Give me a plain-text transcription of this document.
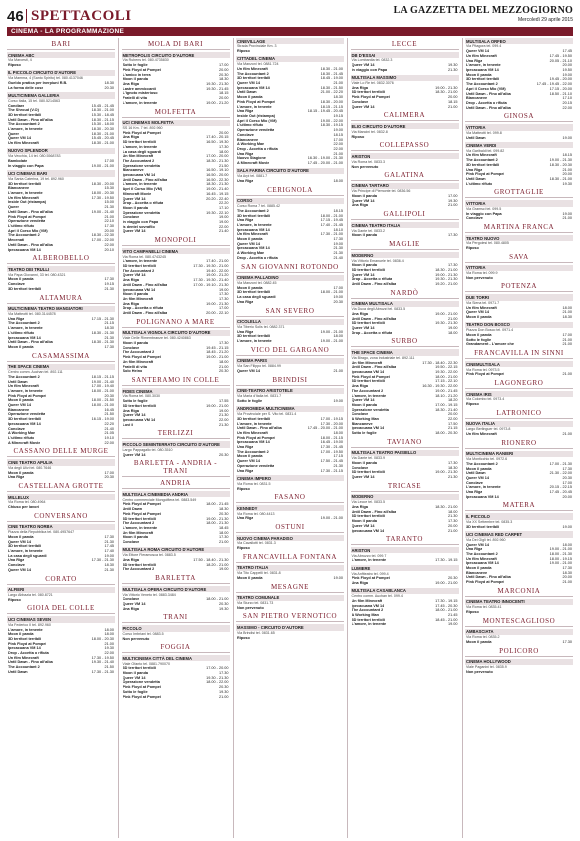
46 SPETTACOLI	LA GAZZETTA DEL MEZZOGIORNO
Mercoledì 29 aprile 2015
CINEMA - LA PROGRAMMAZIONE
BARI
CINEMA ABC
Via Marcesti, 4
Riposo
IL PICCOLO CIRCUITO D'AUTORE
Via Mamma, 4 (Santo Spirito) tel. 080.4137046
Gueldo pratica per Inerpiuni R.B.	18.30
La forma delle cose	20.30
MULTICINEMA GALLERIA
Corso Italia, 15 tel. 080.5214563
Condiare	15.45 - 21.45
The Shroud (V.O)	18.30 - 21.00
3D territori terribili	15.30 - 18.45
Until Dawn - Fino all'alba	18.30 - 21.15
The Accountant 2	15.30 - 18.00
L'amore, in tenente	18.30 - 20.30
Queer	18.30 - 21.00
Queer VM 14	15.45 - 20.45
Un film Minecraft	18.30 - 21.00
NUOVO SPLENDOR
Via Vecchia, 14 tel. 080.5568783
Bambolate	17.00
In viaggio con Papa	19.00 - 21.00
UCI CINEMAS BARI
Via Santa Caterina, 19 tel. 892.960
3D territori terribili	18.30 - 20.00
Biancaneve	15.30
L'amore, in tenente	18.00 - 20.30
Un film Minecraft	17.30 - 19.50
Inside Out (ristampa)	15.00
Queer	21.30
Until Dawn - Fino all'alba	19.00 - 21.40
Pink Floyd at Pompei	21.00
Operazione vendetta	22.10
L'ultimo rifiuto	17.30
Apri il Corso Mio (VM)	20.00
The Accountant 2	18.30 - 22.30
Mecenati	17.00 - 22.00
Until Dawn - Fino all'alba	22.00
Ipecacuana VM 14	20.10
ALBEROBELLO
TEATRO DEI TRULLI
Via Papa Giovanni, 33 tel. 080.4321
Moon il panda	17.30
Conclave	19.15
3D territori terribili	21.30
ALTAMURA
MULTICINEMA TEATRO MANGIATORI
Via Matteotti tel. 080.3144578
Una Riga	17.15 - 21.30
The Accountant 2	21.15
L'amore, in tenente	18.30
L'ultimo rifiuto	18.30 - 21.30
Ipecacuana VM 14	21.30
Until Dawn - Fino all'alba	18.30 - 21.30
Moon il panda	17.30
CASAMASSIMA
THE SPACE CINEMA
Centro comm. Auchan tel. 892.111
The Accountant 2	18.15 - 21.15
Until Dawn	19.00 - 21.40
Un film Minecraft	17.00 - 19.40
L'amore, in tenente	18.00 - 21.00
Pink Floyd at Pompei	20.30
Moon il panda	18.00 - 21.50
Queer VM 14	18.00 - 21.00
Biancaneve	16.45
Operazione vendetta	21.50
3D territori terribili	16.15 - 19.00
Ipecacuana VM 14	22.20
Conclave	21.40
A Working Man	21.05
L'ultimo rifiuto	19.10
A Minecraft Movie	22.00
CASSANO DELLE MURGE
CINE TEATRO APULIA
Via degli Ulivi tel. 080.7646
Moon il panda	17.00
Una Riga	20.30
CASTELLANA GROTTE
MILLELUX
Via Roma tel. 080.4964
Chiuso per lavori
CONVERSANO
CINE TEATRO NORBA
Piazza della Repubblica tel. 080.4957647
Moon il panda	17.30
Queer VM 14	21.30
3D territori terribili	17.45
L'amore, in tenente	17.40
La casa degli sguardi	19.00
Una Riga	17.30 - 21.30
Conclave	18.30
Queer VM 14	21.30
CORATO
ALFIERI
Largo Abbazia tel. 080.8721
Riposo
GIOIA DEL COLLE
UCI CINEMAS SEVEN
Via Federico II tel. 892.960
L'amore, in tenente	18.00
Moon il panda	18.00
3D territori terribili	18.00 - 20.30
Pink Floyd at Pompei	21.00
Ipecacuana VM 14	19.30
Drop - Accetta o rifiuta	22.00
Un film Minecraft	17.30 - 19.50
Until Dawn - Fino all'alba	19.30 - 21.40
The Accountant 2	21.50
Until Dawn	17.30 - 21.30
MOLA DI BARI
METROPOLIS CIRCUITO D'AUTORE
Via Rubens tel. 080.4735830
Sotto le foglie	17.00
Pink Floyd at Pompei	20.00
L'amico in terra	20.30
Moon il panda	18.30
Una Riga	19.30 - 21.30
Lastre ammiccanti	19.30 - 21.45
L'ignoto misterioso	18.15
Fratelli di vita	20.00
L'amore, in tenente	19.00 - 21.20
MOLFETTA
UCI CINEMAS MOLFETTA
SS 16 Km. 7 tel. 892.960
Pink Floyd at Pompei	20.00
Una Riga	17.40 - 20.15
3D territori terribili	16.50 - 19.30
L'amore, in tenente	17.30
La casa degli sguardi	18.00
Un film Minecraft	17.00 - 20.00
The Accountant 2	18.30 - 21.30
Operazione vendetta	21.50
Biancaneve	16.50 - 19.10
Ipecacuana VM 14	16.50 - 20.00
Until Dawn - Fino all'alba	16.50 - 22.30
L'amore, in tenente	18.30 - 21.30
Apri il Corso Mio (VM)	19.00 - 21.40
Minecraft Movie	16.45 - 19.15
Queer VM 14	20.20 - 22.40
Drop - Accetta o rifiuta	22.20
Moon il panda	17.10
Operazione vendetta	19.30 - 22.10
Conclave	19.00
In viaggio con Papa	19.00
Is dentel sovrafilo	22.00
Queer VM 14	21.40
MONOPOLI
VITO CAMPANELLI CINEMA
Via Roma tel. 080.4743245
L'amore, in tenente	17.40 - 21.00
3D territori terribili	17.30 - 19.30 - 21.00
The Accountant 2	19.40 - 22.00
Queer VM 14	19.00 - 21.20
Una Riga	17.30 - 19.30 - 21.40
Until Dawn - Fino all'alba	17.00 - 19.10 - 21.30
Ipecacuana VM 14	19.00
Moon il panda	17.30
Un film Minecraft	17.30
Una Riga	19.00 - 21.30
Drop - Accetta o rifiuta	17.00
Until Dawn - Fino all'alba	20.00 - 22.10
POLIGNANO A MARE
MULTISALA VIGNOLA CIRCUITO D'AUTORE
Viale Delle Rimembranze tel. 080.4240863
Moon il panda	17.30
Conclave	19.45 - 21.15
The Accountant 2	18.45 - 21.20
Pink Floyd at Pompei	19.00 - 21.00
Un film Minecraft	18.00
Fratelli di vita	21.00
Solo Heino	20.30
SANTERAMO IN COLLE
FIDES CINEMA
Via Roma tel. 080.3030
Sotto le foglie	17.55
3D territori terribili	19.00 - 21.00
Una Riga	19.00
Queer VM 14	21.30
Ipecacuana VM 14	22.00
Lovi il	21.30
TERLIZZI
PICCOLO SEMINTERRATO CIRCUITO D'AUTORE
Largo Pappagallo tel. 080.3510
Queer VM 14	20.30
BARLETTA - ANDRIA - TRANI
ANDRIA
MULTISALA CINEMEDIA ANDRIA
Centro commerciale Mongolfiera tel. 0883.549
Pink Floyd at Pompei	18.00 - 21.45
Until Dawn	18.30
Pink Floyd at Pompei	20.30
3D territori terribili	19.00 - 21.30
The Accountant 2	18.00 - 21.30
L'amore, in tenente	18.45
Un film Minecraft	18.00
Moon il panda	17.30
Conclave	21.00
MULTISALA ROMA CIRCUITO D'AUTORE
Via Ettore Fieramosca tel. 0883.5
Una Riga	17.50 - 18.40 - 21.30
3D territori terribili	18.20 - 21.00
The Accountant 2	19.00
BARLETTA
MULTISALA OPERA CIRCUITO D'AUTORE
Via Vittorio Veneto tel. 0883.3484
Conclave	18.00 - 21.00
Queer VM 14	20.30
Una Riga	19.30
TRANI
PICCOLO
Corso Imbriani tel. 0883.5
Non pervenuto
FOGGIA
MULTICINEMA CITTÀ DEL CINEMA
Viale Ofanto tel. 0881.790070
3D territori terribili	17.00 - 20.00
Moon il panda	17.30
Queer VM 14	19.30 - 21.30
Operazione vendetta	18.00 - 22.00
Pink Floyd at Pompei	20.30
Sotto le foglie	19.30
Pink Floyd at Pompei	21.00
CINEVILLAGE
Strada Provinciale Km. 3
Riposo
CITTADEL CINEMA
Via Manzoni tel. 0881.724
Un film Minecraft	18.30 - 21.00
The Accountant 2	18.30 - 21.45
3D territori terribili	18.45 - 19.00
Queer VM 14	21.00
Ipecacuana VM 14	18.30 - 21.50
Until Dawn	21.00 - 22.20
Moon il panda	18.30
Pink Floyd at Pompei	18.30 - 20.00
L'amore, in tenente	18.15 - 21.15
Una Riga	18.15 - 19.45 - 20.45
Inside Out (ristampa)	19.15
Apri il Corso Mio (VM)	19.00 - 22.00
L'ultimo rifiuto	18.30 - 19.15
Operazione vendetta	19.00
Conclave	18.15
Biancaneve	17.00
A Working Man	22.00
Drop - Accetta o rifiuta	22.00
Una Riga	21.00
Nuovo Stagione	16.30 - 19.00 - 21.30
A Minecraft Movie	17.45 - 20.00 - 21.00
SALA FARINA CIRCUITO D'AUTORE
Via Arpi tel. 0881.7
Una Riga	18.00
CERIGNOLA
CORSO
Corso Roma 7 tel. 0885.42
The Accountant 2	18.15
3D territori terribili	18.00 - 21.00
Una Riga	17.15 - 19.45
L'amore, in tenente	17.40 - 21.45
Ipecacuana VM 14	18.10
Un film Minecraft	17.30 - 21.00
Moon il panda	17.30
Queer VM 14	19.00
Ipecacuana VM 14	21.30
A Working Man	21.30
Drop - Accetta o rifiuta	21.40
SAN GIOVANNI ROTONDO
CINEMA PALLADINO
Via Manzoni tel. 0882.45
Moon il panda	17.00
3D territori terribili	18.00 - 21.00
La casa degli sguardi	19.00
Una Riga	20.30
SAN SEVERO
CICOLELLA
Via Tiberio Solis tel. 0882.371
Una Riga	19.00 - 21.00
3D territori terribili	18.00
L'amore, in tenente	19.00 - 21.00
VICO DEL GARGANO
CINEMA PARIS
Via San Filippo tel. 0884.99
Queer VM 14	21.00
BRINDISI
CINE-TEATRO ARISTOTELE
Via Maria d'Italia tel. 0831.7
Sotto le foglie	19.00
ANDROMEDA MULTICINEMA
Via Provinciale per S. Vito tel. 0831.4
3D territori terribili	17.00 - 19.15
L'amore, in tenente	17.30 - 20.00
Until Dawn - Fino all'alba	17.45 - 20.00 - 21.00
Un film Minecraft	18.00
Pink Floyd at Pompei	18.00 - 21.15
Ipecacuana VM 14	16.45 - 19.00
Una Riga	17.30 - 21.45
The Accountant 2	17.00 - 19.50
Moon il panda	17.15
Queer VM 14	17.50 - 21.45
Operazione vendetta	21.30
Una Riga	17.30 - 21.15
CINEMA IMPERO
Via Roma tel. 0831.5
Riposo
FASANO
KENNEDY
Via Roma tel. 080.4413
Una Riga	19.00 - 21.00
OSTUNI
NUOVO CINEMA PARADISO
Via Cavallotti tel. 0831.3
Riposo
FRANCAVILLA FONTANA
TEATRO ITALIA
Via Tito Cappelli tel. 0831.8
Moon il panda	19.00
MESAGNE
TEATRO COMUNALE
Via Sturzo tel. 0831.73
Non pervenuto
SAN PIETRO VERNOTICO
MASSIMO - CIRCUITO D'AUTORE
Via Brindisi tel. 0831.65
Riposo
LECCE
DB D'ESSAI
Via Lombardia tel. 0832.3
Queer VM 14	19.30
In viaggio con Papa	21.30
MULTISALA MASSIMO
Viale Lo Re tel. 0832.3076
Una Riga	19.00 - 21.30
3D territori terribili	18.30 - 21.00
Pink Floyd at Pompei	20.00
Conclave	18.15
Queer VM 14	21.00
CALIMERA
ELIO CIRCUITO D'AUTORE
Via Mancini tel. 0832.8
Riposo
COLLEPASSO
ARISTON
Via Roma tel. 0833.3
Non pervenuto
GALATINA
CINEMA TARTARO
Via Principe di Piemonte tel. 0836.56
Moon il panda	17.00
Queer VM 14	19.30
Una Riga	21.00
GALLIPOLI
CINEMA TEATRO ITALIA
Via Dante tel. 0833.2
Moon il panda	17.30
MAGLIE
MODERNO
Via Vittorio Emanuele tel. 0836.4
Moon il panda	17.30
3D territori terribili	18.30 - 21.00
Queer VM 14	19.00 - 21.30
Drop - Accetta o rifiuta	19.30 - 21.30
Until Dawn - Fino all'alba	19.20 - 21.00
NARDÒ
CINEMA MULTISALA
Via Duca degli Abruzzi tel. 0833.5
Una Riga	19.00 - 21.00
Until Dawn - Fino all'alba	21.00
3D territori terribili	19.30 - 21.30
Queer VM 14	19.00
Drop - Accetta o rifiuta	18.00
SURBO
THE SPACE CINEMA
Via Birago, zona industriale tel. 892.111
Un film Minecraft	17.30 - 18.40 - 22.30
Until Dawn - Fino all'alba	19.50 - 22.15
Ipecacuana VM 14	19.30 - 22.00
Pink Floyd at Pompei	18.00 - 21.00
3D territori terribili	17.15 - 22.10
Una Riga	16.30 - 19.30 - 22.00
The Accountant 2	19.00 - 21.45
L'amore, in tenente	18.10 - 21.20
Queer VM 14	18.20
Moon il panda	17.00 - 19.15
Operazione vendetta	18.30 - 21.40
Conclave	20.00
A Working Man	22.00
Biancaneve	17.50
Ipecacuana VM 14	21.15
Sotto le foglie	18.00 - 20.30
TAVIANO
MULTISALA TEATRO PAISIELLO
Via Dante tel. 0833.9
Moon il panda	17.30
Conclave	18.30
3D territori terribili	19.00 - 21.30
Queer VM 14	21.30
TRICASE
MODERNO
Via Lecce tel. 0833.5
Una Riga	18.30 - 21.00
Until Dawn - Fino all'alba	18.00
3D territori terribili	21.30
Moon il panda	17.30
Queer VM 14	20.00
Ipecacuana VM 14	21.00
TARANTO
ARISTON
Via Abruzzo tel. 099.7
L'amore, in tenente	17.30 - 19.15
LUMIERE
Via Anfiteatro tel. 099.4
Pink Floyd at Pompei	20.30
Una Riga	19.00 - 21.00
MULTISALA CASABLANCA
Centro comm. Auchan tel. 099.4
Un film Minecraft	17.30 - 19.15
Ipecacuana VM 14	17.45 - 20.30
The Accountant 2	18.00 - 21.00
A Working Man	21.45
3D territori terribili	18.45 - 21.00
L'amore, in tenente	19.00
MULTISALA ORFEO
Via Pitagora tel. 099.4
Queer VM 14	17.45
Un film Minecraft	17.45 - 19.50
Una Riga	20.05 - 21.10
L'amore, in tenente	20.00
Ipecacuana VM 14	19.50
Moon il panda	19.00
3D territori terribili	19.45 - 20.00
The Accountant 2	17.45 - 19.45 - 22.00
Apri il Corso Mio (VM)	17.15 - 20.00
Until Dawn - Fino all'alba	18.50 - 21.10
Biancaneve	17.10
Drop - Accetta o rifiuta	20.15
Until Dawn - Fino all'alba	22.00
GINOSA
VITTORIA
Via Matteotti tel. 099.8
Until Dawn	19.00
CINEMA VERDI
Via Garibaldi tel. 099.82
Un film Minecraft	18.15
The Accountant 2	19.00 - 21.30
3D territori terribili	18.30 - 20.30
Una Riga	21.00
Pink Floyd at Pompei	20.00
Until Dawn	18.30 - 21.00
L'ultimo rifiuto	19.30
GROTTAGLIE
VITTORIA
Via Gramsci tel. 099.5
In viaggio con Papa	19.00
Conclave	21.00
MARTINA FRANCA
TEATRO NUOVO
Via Pergolesi tel. 080.4805
Riposo
SAVA
VITTORIA
Via Roma tel. 099.9
Non pervenuto
POTENZA
DUE TORRI
Via Siena tel. 0971.7
Un film Minecraft	18.00
Queer VM 14	21.00
Moon il panda	18.30
TEATRO DON BOSCO
Piazza Don Bosco tel. 0971.4
Moon il panda	17.00
Sotto le foglie	21.00
Grandament - L'amore che	21.00
FRANCAVILLA IN SINNI
CINEMULTISALA
Via Roma tel. 0973.5
Pink Floyd at Pompei	21.00
LAGONEGRO
CINEMA IRIS
Via Colombo tel. 0973.4
Riposo
LATRONICO
NUOVA ITALIA
Largo Berlinguer tel. 0973.8
Un film Minecraft	21.00
RIONERO
MULTICINEMA RANIERI
Via Monticchio tel. 0972.6
The Accountant 2	17.00 - 21.30
Moon il panda	17.30
Until Dawn	21.30 - 22.00
Queer VM 14	20.30
Conclave	17.00
L'amore, in tenente	20.15 - 22.15
Una Riga	17.45 - 20.45
Ipecacuana VM 14	20.00
MATERA
IL PICCOLO
Via XX Settembre tel. 0835.3
3D territori terribili	19.00
UCI CINEMAS RED CARPET
Via Dei Gigli tel. 892.960
Queer VM 14	18.00
Una Riga	19.00 - 21.00
The Accountant 2	18.00 - 21.30
Un film Minecraft	18.00 - 19.15
Ipecacuana VM 14	19.00 - 21.00
Moon il panda	17.30
Biancaneve	18.30
Until Dawn - Fino all'alba	20.00
Pink Floyd at Pompei	21.00
MARCONIA
CINEMA TEATRO INNOCENTI
Via Roma tel. 0835.41
Riposo
MONTESCAGLIOSO
AMBASCIATA
Via Roma tel. 0835.2
Moon il panda	17.30
POLICORO
CINEMA HOLLYWOOD
Viale Paganini tel. 0835.9
Non pervenuto
